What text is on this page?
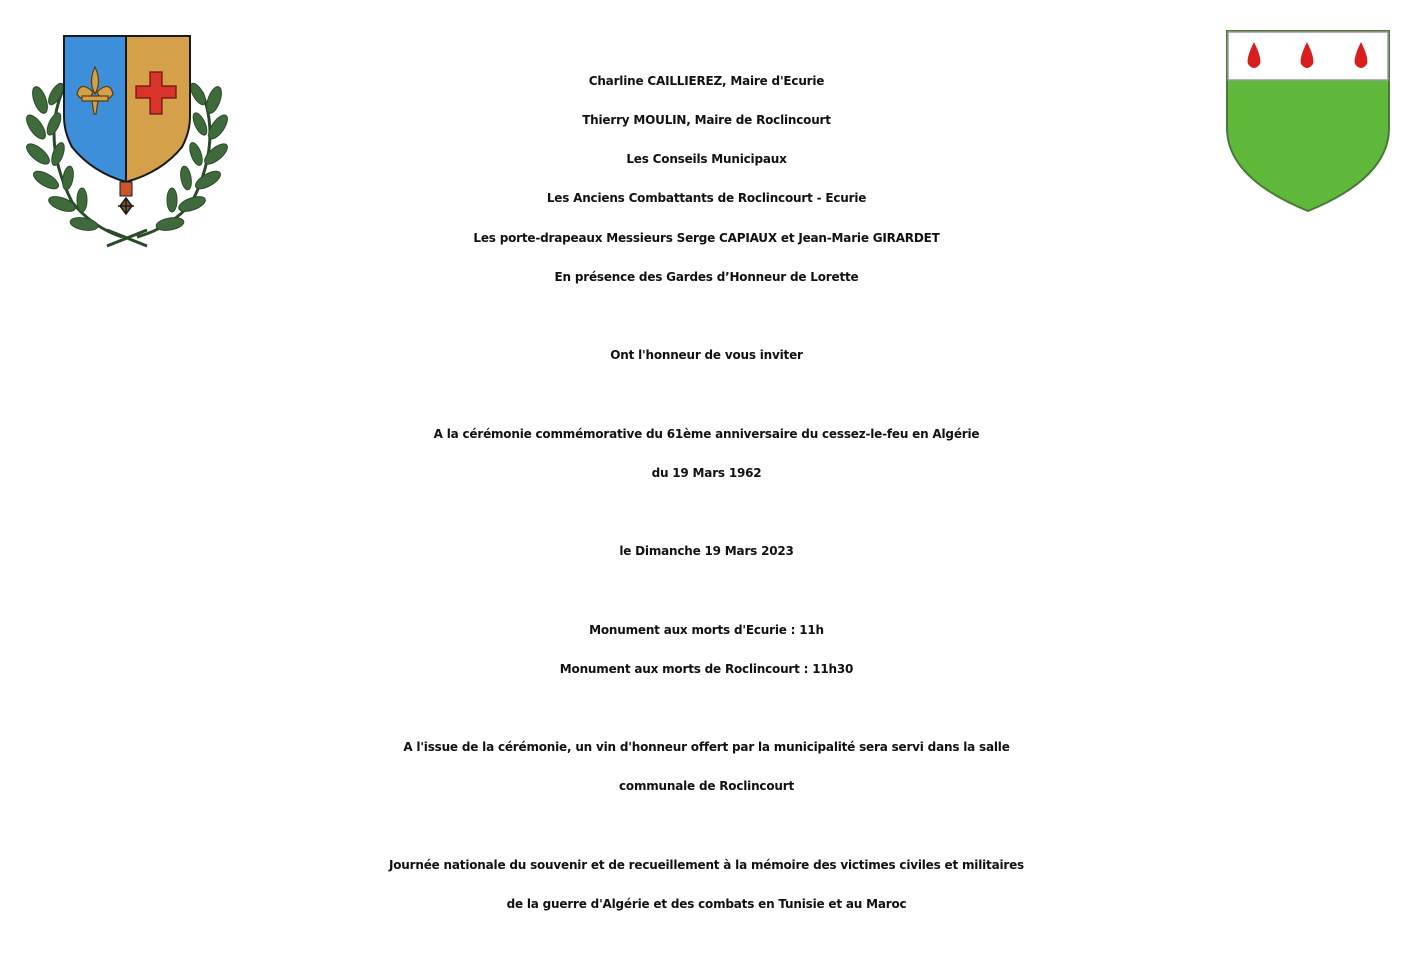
Charline CAILLIEREZ, Maire d'Ecurie
Thierry MOULIN, Maire de Roclincourt
Les Conseils Municipaux
Les Anciens Combattants de Roclincourt - Ecurie
Les porte-drapeaux Messieurs Serge CAPIAUX et Jean-Marie GIRARDET
En présence des Gardes d’Honneur de Lorette
Ont l'honneur de vous inviter
A la cérémonie commémorative du 61ème anniversaire du cessez-le-feu en Algérie
du 19 Mars 1962
le Dimanche 19 Mars 2023
Monument aux morts d'Ecurie : 11h
Monument aux morts de Roclincourt : 11h30
A l'issue de la cérémonie, un vin d'honneur offert par la municipalité sera servi dans la salle
communale de Roclincourt
Journée nationale du souvenir et de recueillement à la mémoire des victimes civiles et militaires
de la guerre d'Algérie et des combats en Tunisie et au Maroc
